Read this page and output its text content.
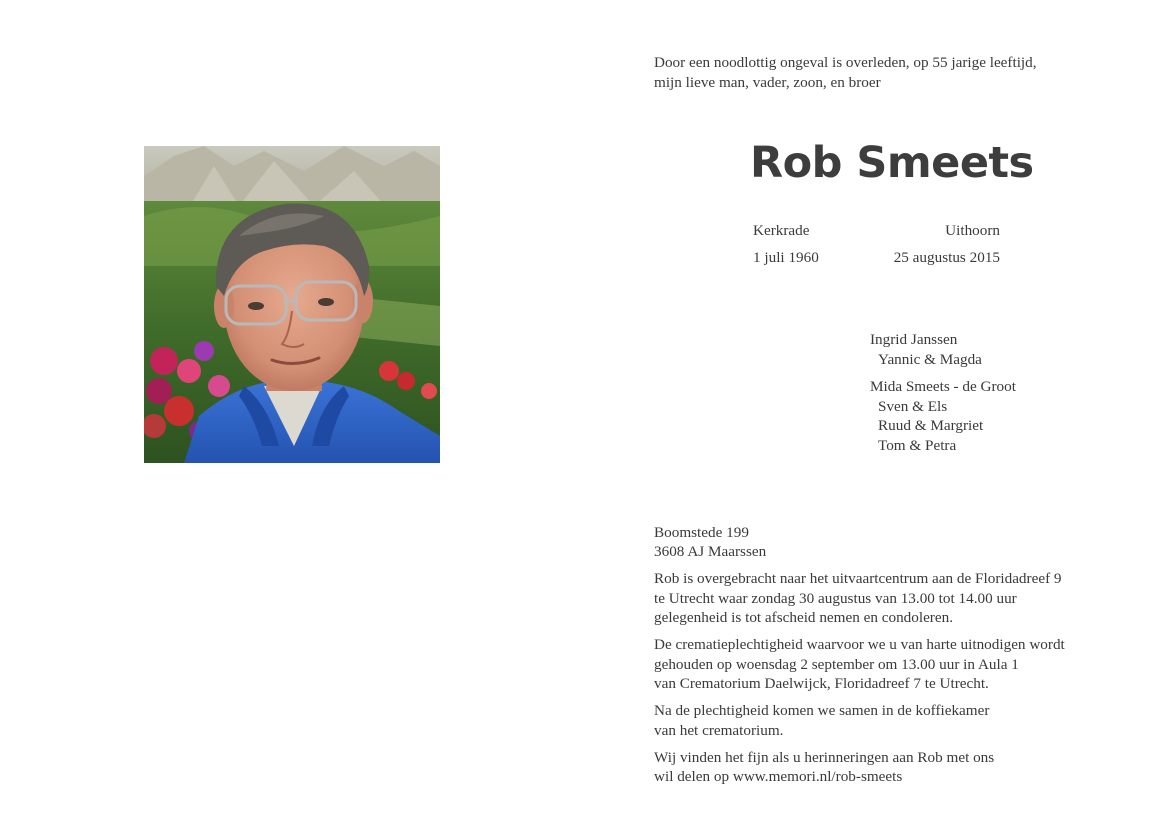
Door een noodlottig ongeval is overleden, op 55 jarige leeftijd,
mijn lieve man, vader, zoon, en broer
Rob Smeets
Kerkrade	Uithoorn
1 juli 1960	25 augustus 2015
Ingrid Janssen
Yannic & Magda
Mida Smeets - de Groot
Sven & Els
Ruud & Margriet
Tom & Petra

Boomstede 199
3608 AJ Maarssen

Rob is overgebracht naar het uitvaartcentrum aan de Floridadreef 9
te Utrecht waar zondag 30 augustus van 13.00 tot 14.00 uur
gelegenheid is tot afscheid nemen en condoleren.

De crematieplechtigheid waarvoor we u van harte uitnodigen wordt
gehouden op woensdag 2 september om 13.00 uur in Aula 1
van Crematorium Daelwijck, Floridadreef 7 te Utrecht.

Na de plechtigheid komen we samen in de koffiekamer
van het crematorium.

Wij vinden het fijn als u herinneringen aan Rob met ons
wil delen op www.memori.nl/rob-smeets
